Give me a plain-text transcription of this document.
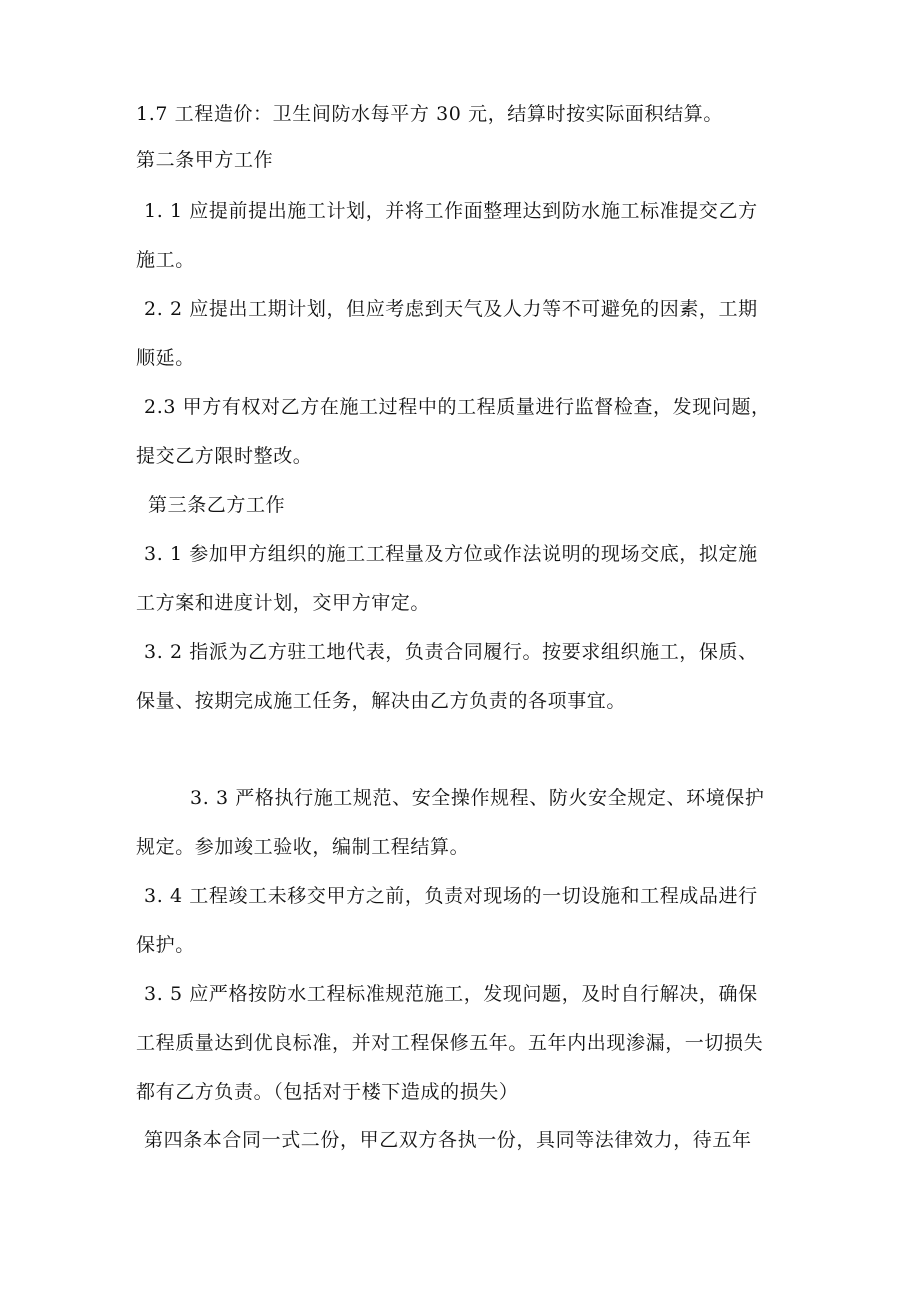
1.7 工程造价：卫生间防水每平方 30 元，结算时按实际面积结算。
第二条甲方工作
1. 1 应提前提出施工计划，并将工作面整理达到防水施工标准提交乙方
施工。
2. 2 应提出工期计划，但应考虑到天气及人力等不可避免的因素，工期
顺延。
2.3 甲方有权对乙方在施工过程中的工程质量进行监督检查，发现问题，
提交乙方限时整改。
第三条乙方工作
3. 1 参加甲方组织的施工工程量及方位或作法说明的现场交底，拟定施
工方案和进度计划，交甲方审定。
3. 2 指派为乙方驻工地代表，负责合同履行。按要求组织施工，保质、
保量、按期完成施工任务，解决由乙方负责的各项事宜。
3. 3 严格执行施工规范、安全操作规程、防火安全规定、环境保护
规定。参加竣工验收，编制工程结算。
3. 4 工程竣工未移交甲方之前，负责对现场的一切设施和工程成品进行
保护。
3. 5 应严格按防水工程标准规范施工，发现问题，及时自行解决，确保
工程质量达到优良标准，并对工程保修五年。五年内出现渗漏，一切损失
都有乙方负责。（包括对于楼下造成的损失）
第四条本合同一式二份，甲乙双方各执一份，具同等法律效力，待五年
